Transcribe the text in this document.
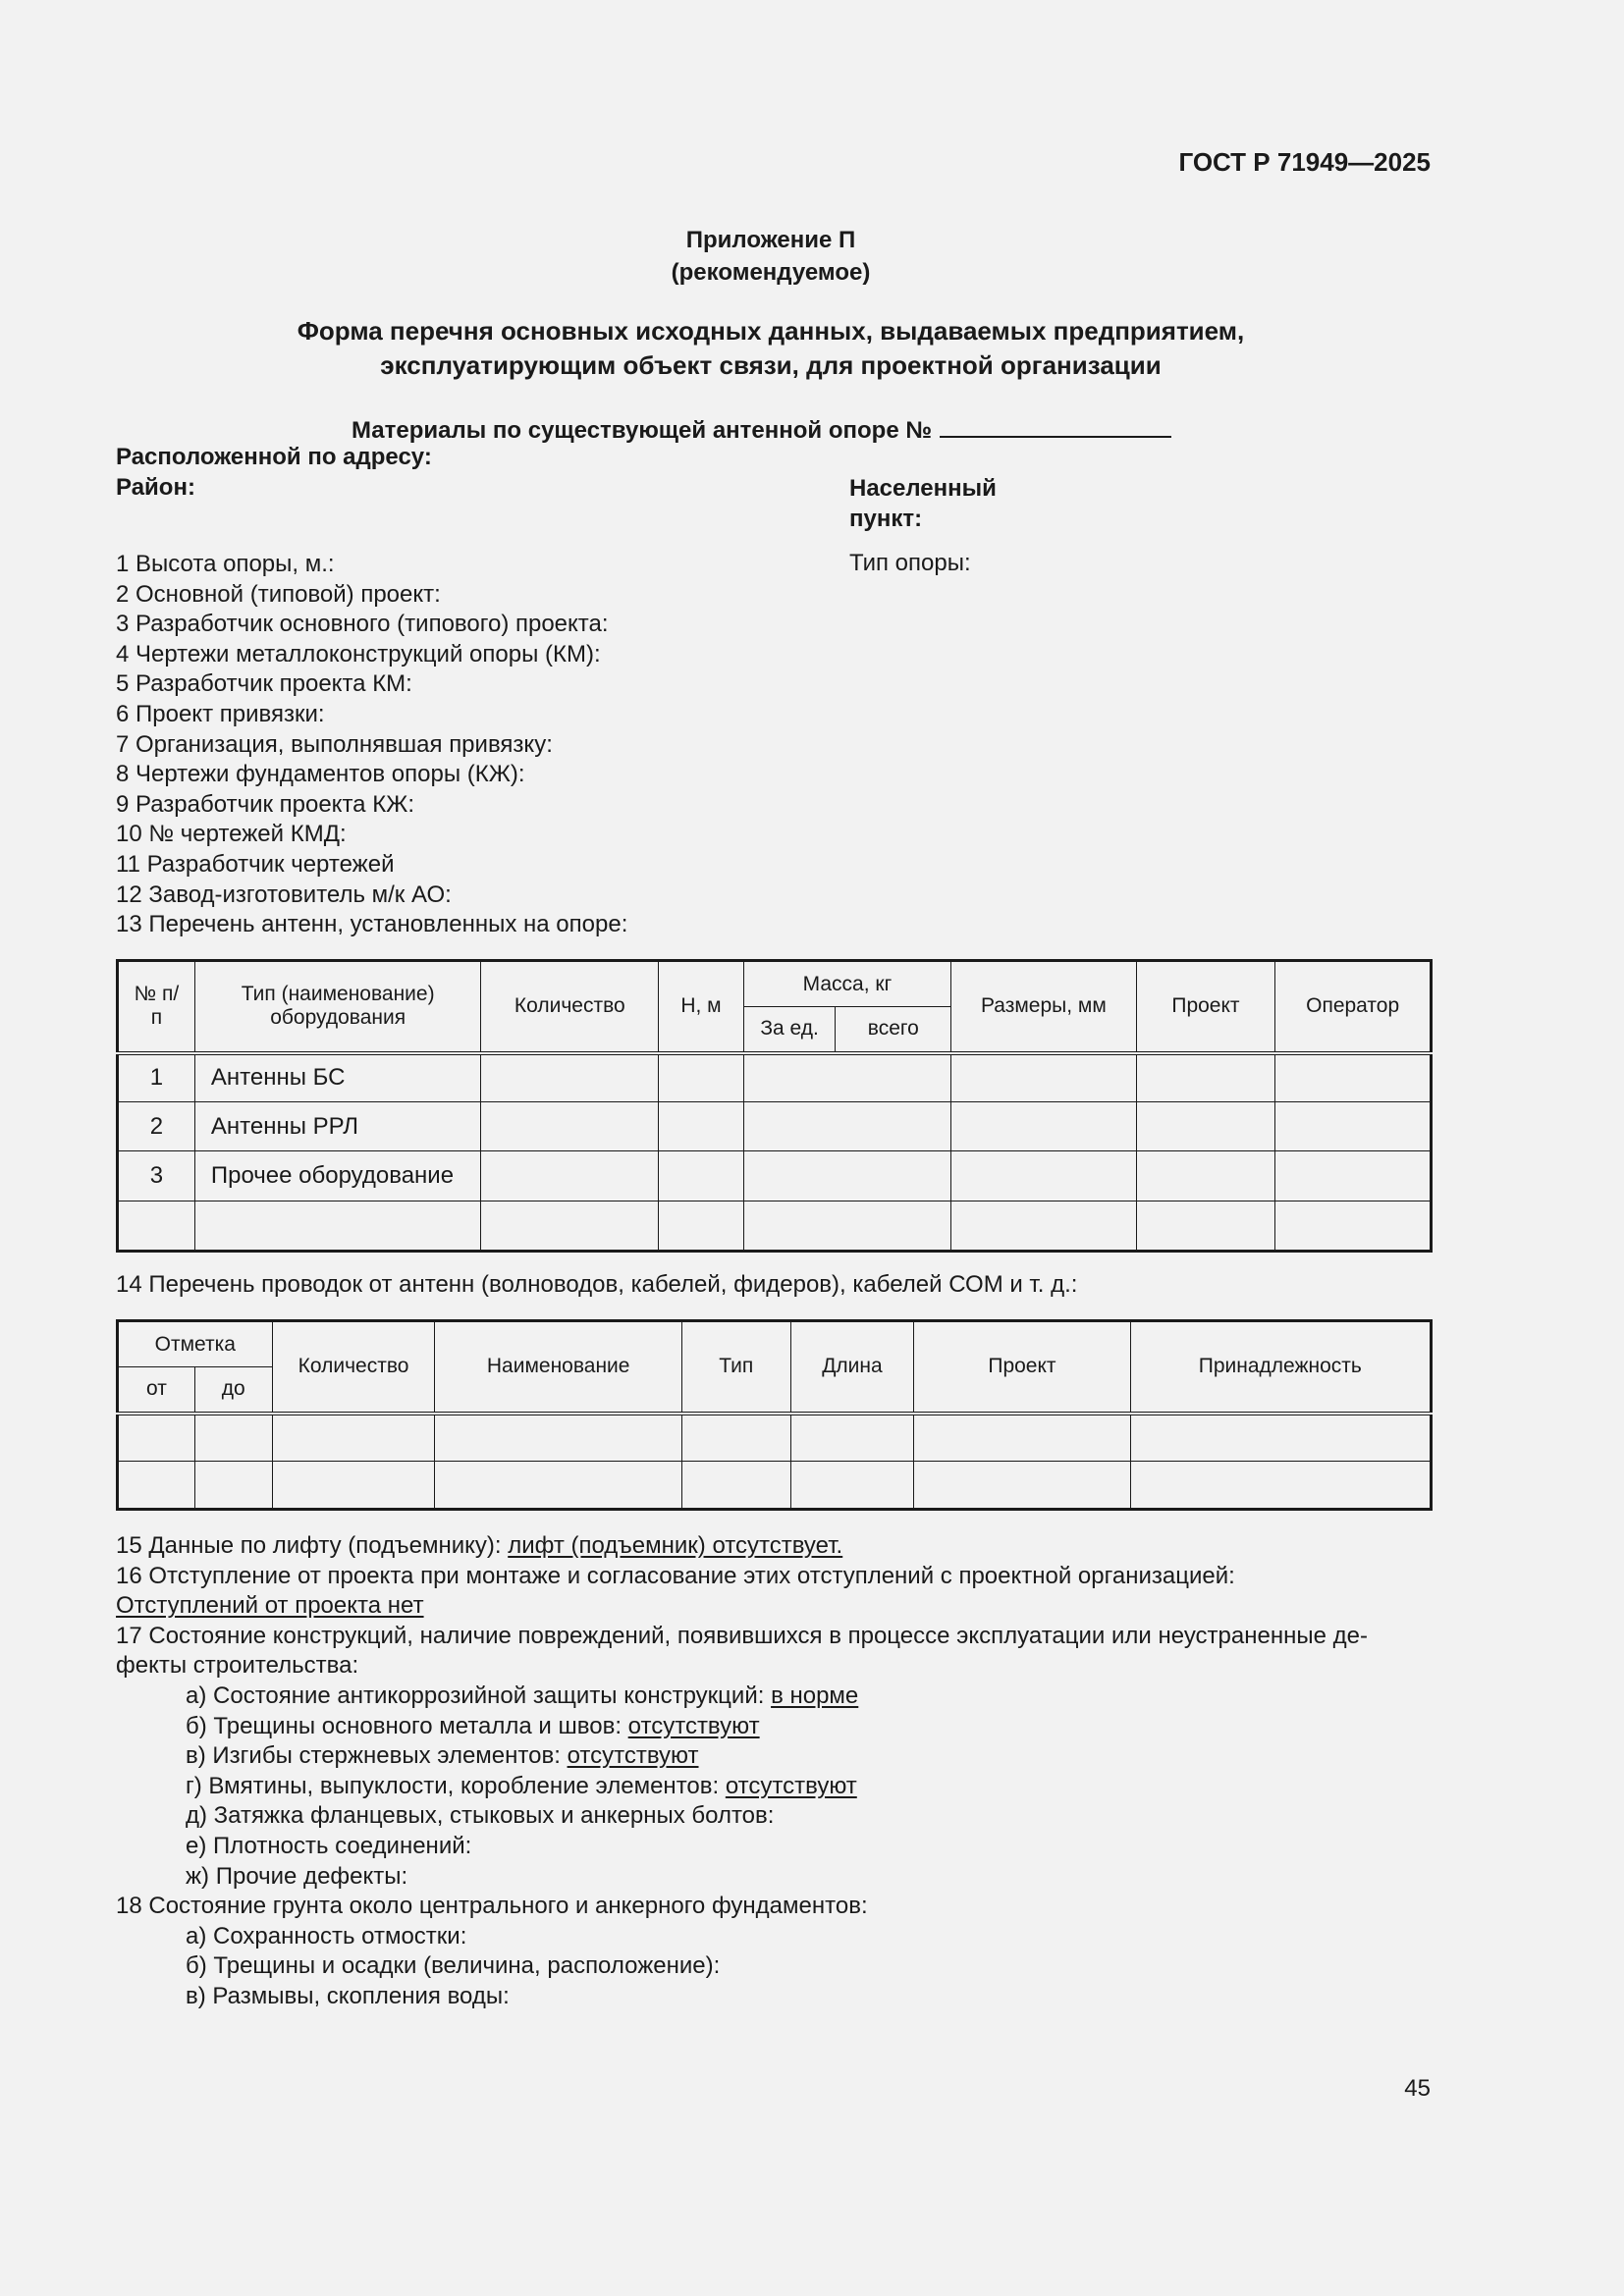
ГОСТ Р 71949—2025
Приложение П
(рекомендуемое)
Форма перечня основных исходных данных, выдаваемых предприятием,
эксплуатирующим объект связи, для проектной организации
Материалы по существующей антенной опоре №
Расположенной по адресу:
Район:	Населенный
пункт:
Тип опоры:
1 Высота опоры, м.:
2 Основной (типовой) проект:
3 Разработчик основного (типового) проекта:
4 Чертежи металлоконструкций опоры (КМ):
5 Разработчик проекта КМ:
6 Проект привязки:
7 Организация, выполнявшая привязку:
8 Чертежи фундаментов опоры (КЖ):
9 Разработчик проекта КЖ:
10 № чертежей КМД:
11 Разработчик чертежей
12 Завод-изготовитель м/к АО:
13 Перечень антенн, установленных на опоре:
№ п/п	Тип (наименование) оборудования	Количество	Н, м	Масса, кг		Размеры, мм	Проект	Оператор
				За ед.	всего			
1	Антенны БС							
2	Антенны РРЛ							
3	Прочее оборудование							

14 Перечень проводок от антенн (волноводов, кабелей, фидеров), кабелей СОМ и т. д.:
Отметка		Количество	Наименование	Тип	Длина	Проект	Принадлежность
от	до						

15 Данные по лифту (подъемнику): лифт (подъемник) отсутствует.
16 Отступление от проекта при монтаже и согласование этих отступлений с проектной организацией:
Отступлений от проекта нет
17 Состояние конструкций, наличие повреждений, появившихся в процессе эксплуатации или неустраненные де-
фекты строительства:
а) Состояние антикоррозийной защиты конструкций: в норме
б) Трещины основного металла и швов: отсутствуют
в) Изгибы стержневых элементов: отсутствуют
г) Вмятины, выпуклости, коробление элементов: отсутствуют
д) Затяжка фланцевых, стыковых и анкерных болтов:
е) Плотность соединений:
ж) Прочие дефекты:
18 Состояние грунта около центрального и анкерного фундаментов:
а) Сохранность отмостки:
б) Трещины и осадки (величина, расположение):
в) Размывы, скопления воды:
45
